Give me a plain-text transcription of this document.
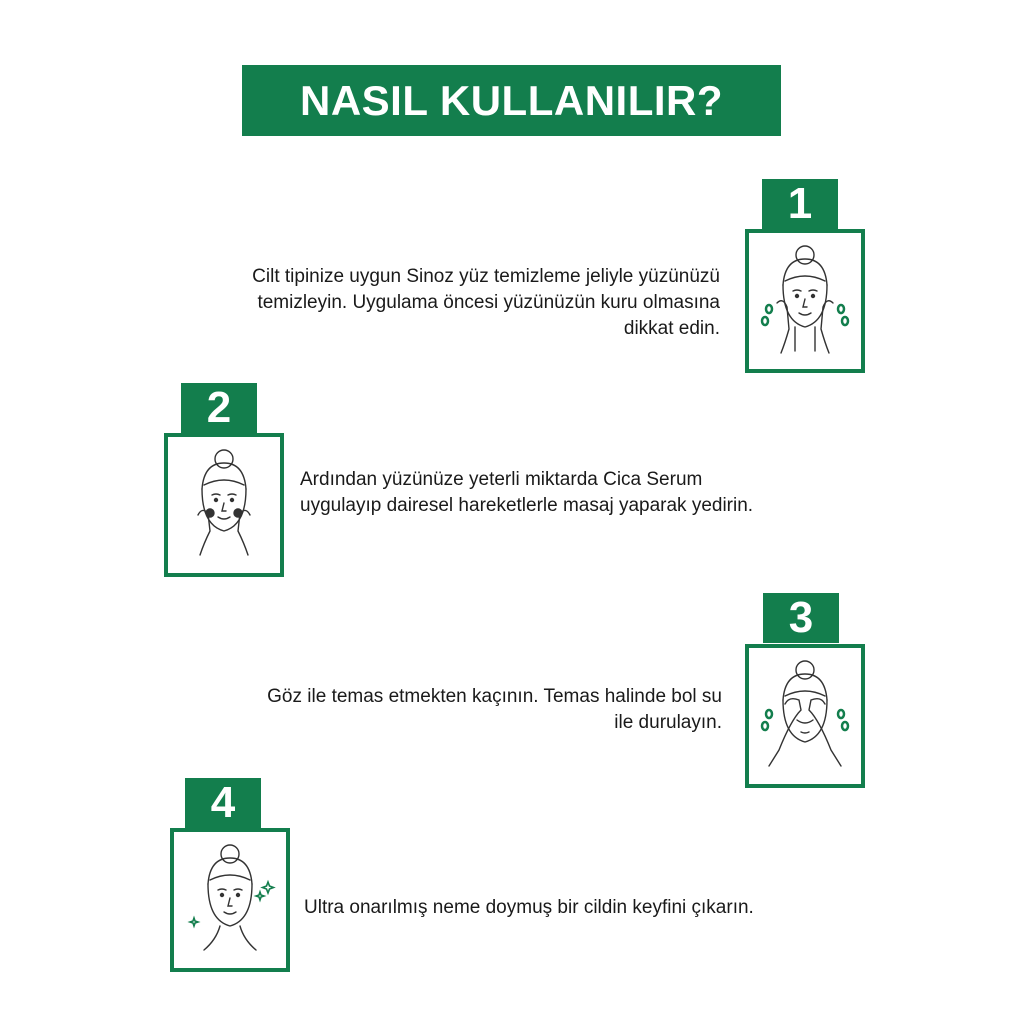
NASIL KULLANILIR?
1
Cilt tipinize uygun Sinoz yüz temizleme jeliyle yüzünüzü temizleyin. Uygulama öncesi yüzünüzün kuru olmasına dikkat edin.
2
Ardından yüzünüze yeterli miktarda Cica Serum uygulayıp dairesel hareketlerle masaj yaparak yedirin.
3
Göz ile temas etmekten kaçının. Temas halinde bol su ile durulayın.
4
Ultra onarılmış neme doymuş bir cildin keyfini çıkarın.
